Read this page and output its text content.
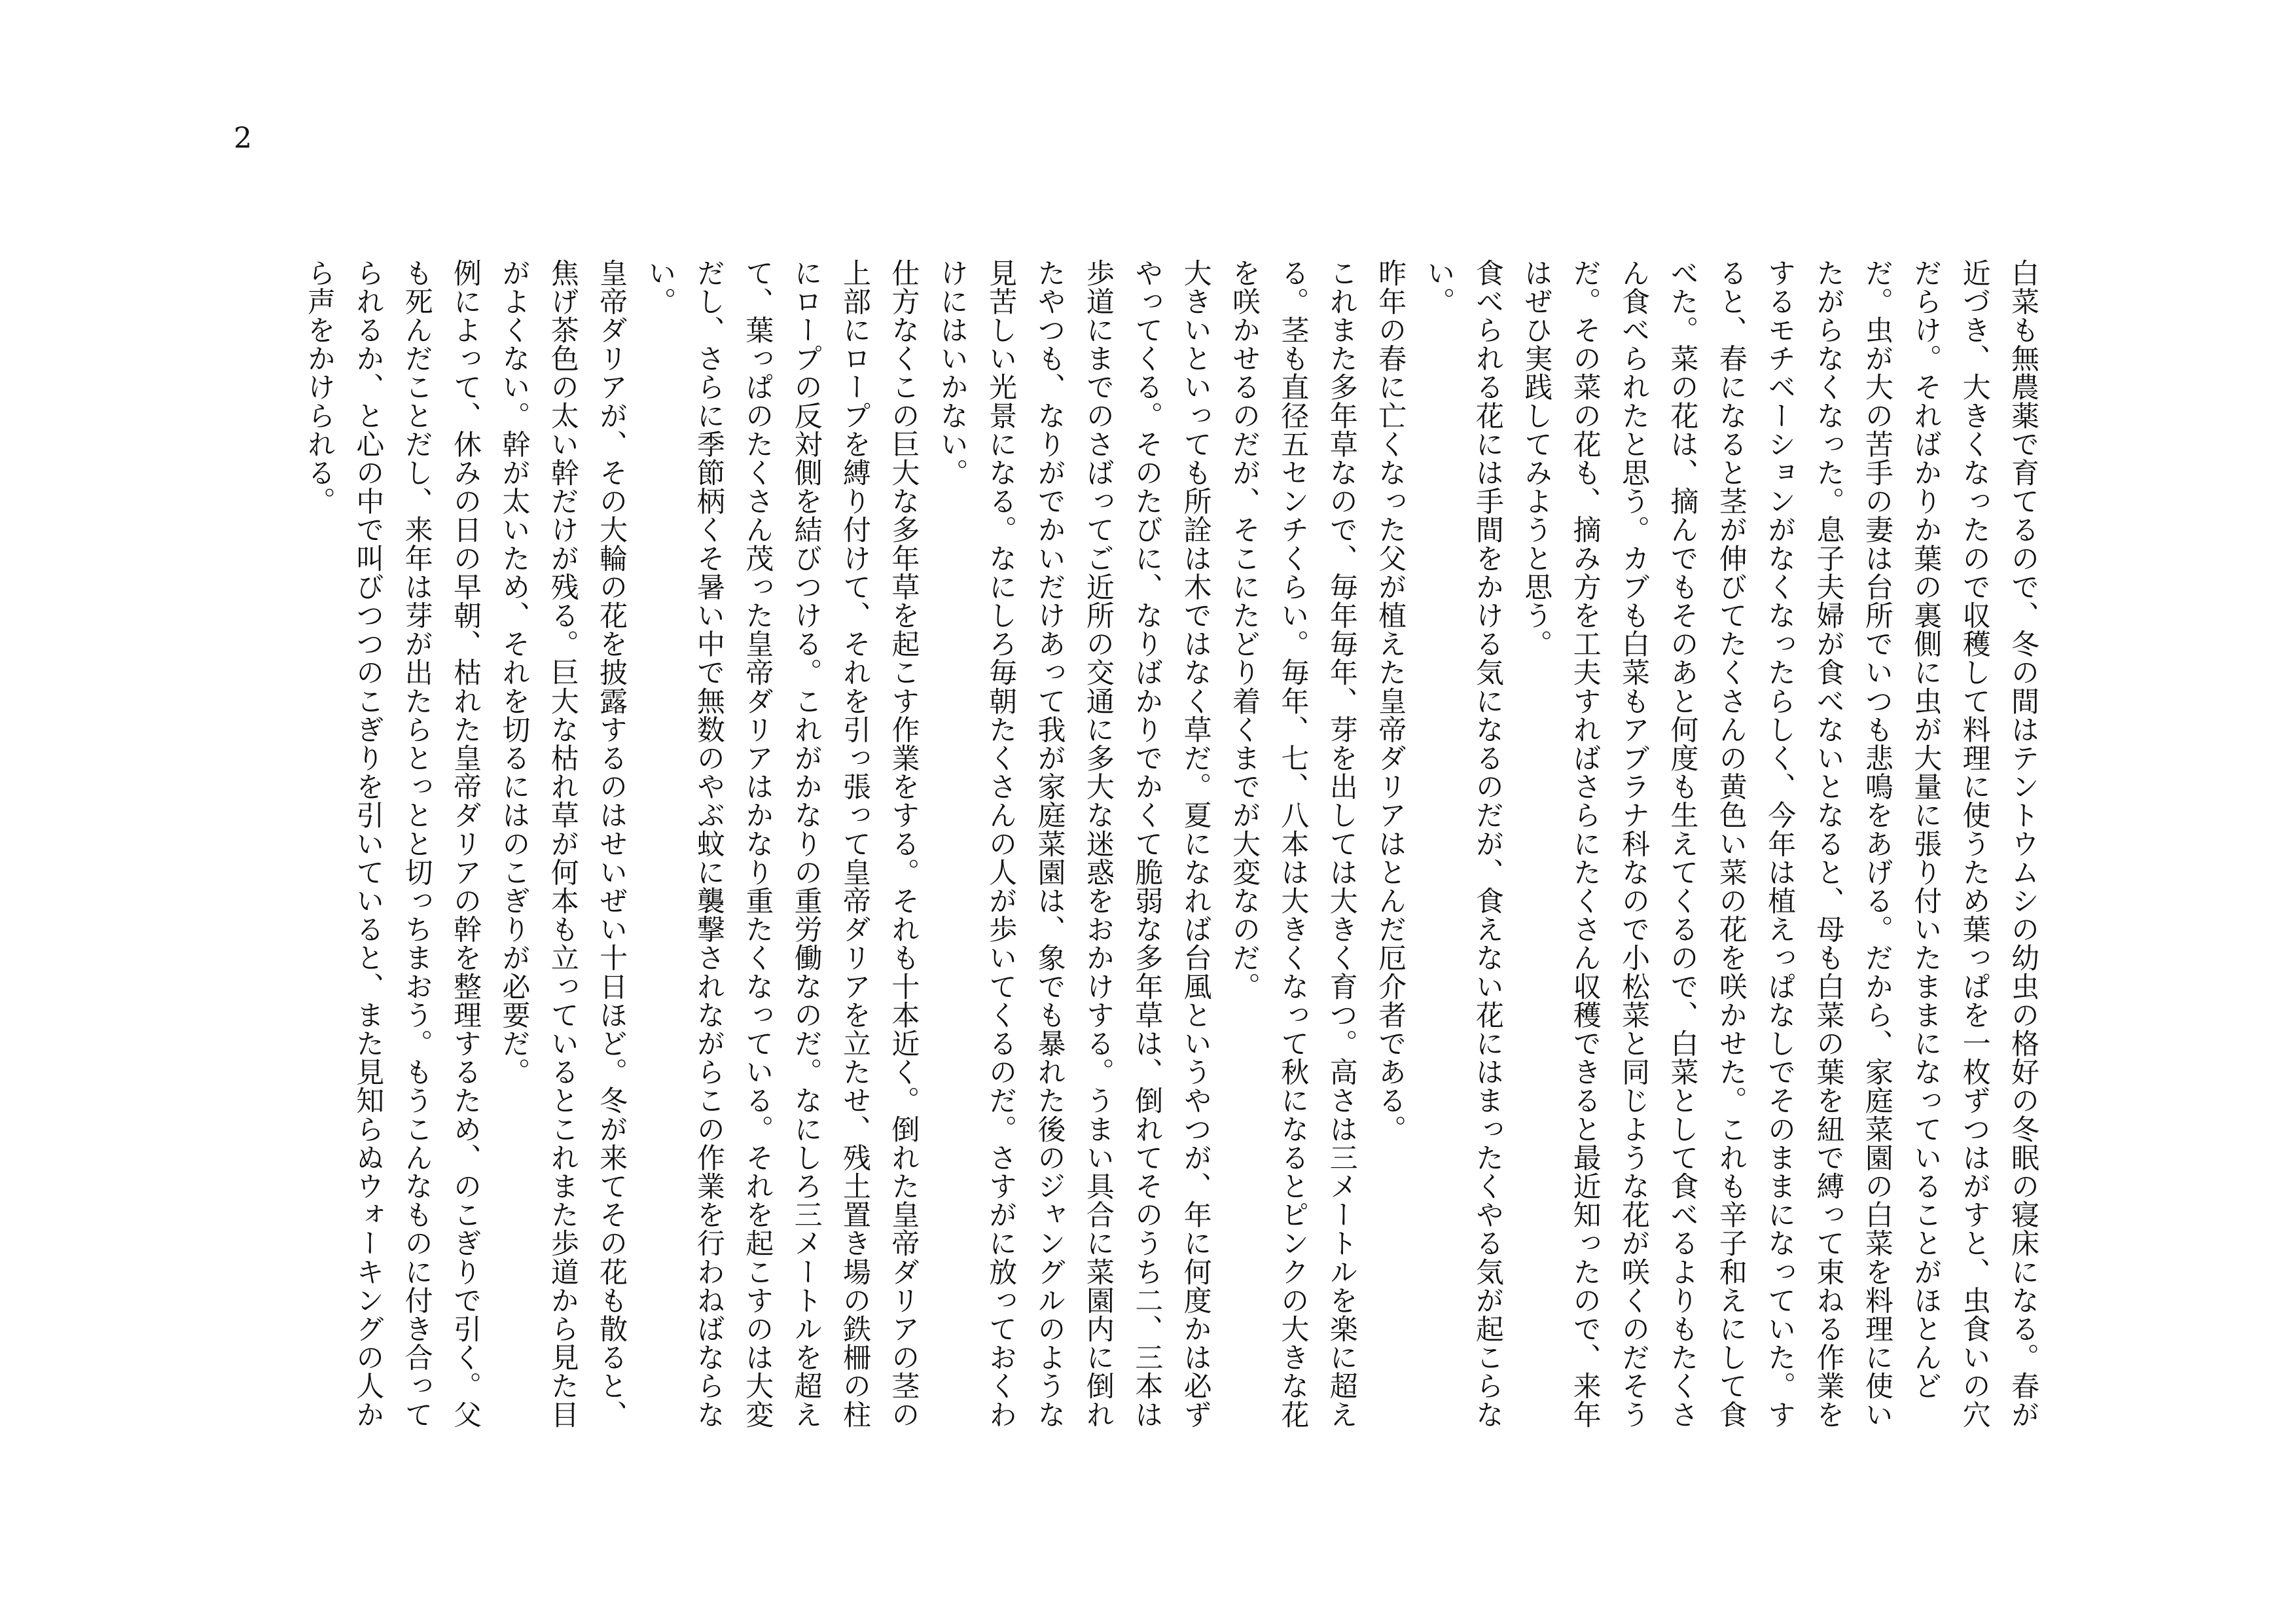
2

白菜も無農薬で育てるので、冬の間はテントウムシの幼虫の格好の冬眠の寝床になる。春が近づき、大きくなったので収穫して料理に使うため葉っぱを一枚ずつはがすと、虫食いの穴だらけ。そればかりか葉の裏側に虫が大量に張り付いたままになっていることがほとんどだ。虫が大の苦手の妻は台所でいつも悲鳴をあげる。だから、家庭菜園の白菜を料理に使いたがらなくなった。息子夫婦が食べないとなると、母も白菜の葉を紐で縛って束ねる作業をするモチベーションがなくなったらしく、今年は植えっぱなしでそのままになっていた。すると、春になると茎が伸びてたくさんの黄色い菜の花を咲かせた。これも辛子和えにして食べた。菜の花は、摘んでもそのあと何度も生えてくるので、白菜として食べるよりもたくさん食べられたと思う。カブも白菜もアブラナ科なので小松菜と同じような花が咲くのだそうだ。その菜の花も、摘み方を工夫すればさらにたくさん収穫できると最近知ったので、来年はぜひ実践してみようと思う。

食べられる花には手間をかける気になるのだが、食えない花にはまったくやる気が起こらない。

昨年の春に亡くなった父が植えた皇帝ダリアはとんだ厄介者である。

これまた多年草なので、毎年毎年、芽を出しては大きく育つ。高さは三メートルを楽に超える。茎も直径五センチくらい。毎年、七、八本は大きくなって秋になるとピンクの大きな花を咲かせるのだが、そこにたどり着くまでが大変なのだ。

大きいといっても所詮は木ではなく草だ。夏になれば台風というやつが、年に何度かは必ずやってくる。そのたびに、なりばかりでかくて脆弱な多年草は、倒れてそのうち二、三本は歩道にまでのさばってご近所の交通に多大な迷惑をおかけする。うまい具合に菜園内に倒れたやつも、なりがでかいだけあって我が家庭菜園は、象でも暴れた後のジャングルのような見苦しい光景になる。なにしろ毎朝たくさんの人が歩いてくるのだ。さすがに放っておくわけにはいかない。

仕方なくこの巨大な多年草を起こす作業をする。それも十本近く。倒れた皇帝ダリアの茎の上部にロープを縛り付けて、それを引っ張って皇帝ダリアを立たせ、残土置き場の鉄柵の柱にロープの反対側を結びつける。これがかなりの重労働なのだ。なにしろ三メートルを超えて、葉っぱのたくさん茂った皇帝ダリアはかなり重たくなっている。それを起こすのは大変だし、さらに季節柄くそ暑い中で無数のやぶ蚊に襲撃されながらこの作業を行わねばならない。

皇帝ダリアが、その大輪の花を披露するのはせいぜい十日ほど。冬が来てその花も散ると、焦げ茶色の太い幹だけが残る。巨大な枯れ草が何本も立っているとこれまた歩道から見た目がよくない。幹が太いため、それを切るにはのこぎりが必要だ。

例によって、休みの日の早朝、枯れた皇帝ダリアの幹を整理するため、のこぎりで引く。父も死んだことだし、来年は芽が出たらとっとと切っちまおう。もうこんなものに付き合ってられるか、と心の中で叫びつつのこぎりを引いていると、また見知らぬウォーキングの人から声をかけられる。
